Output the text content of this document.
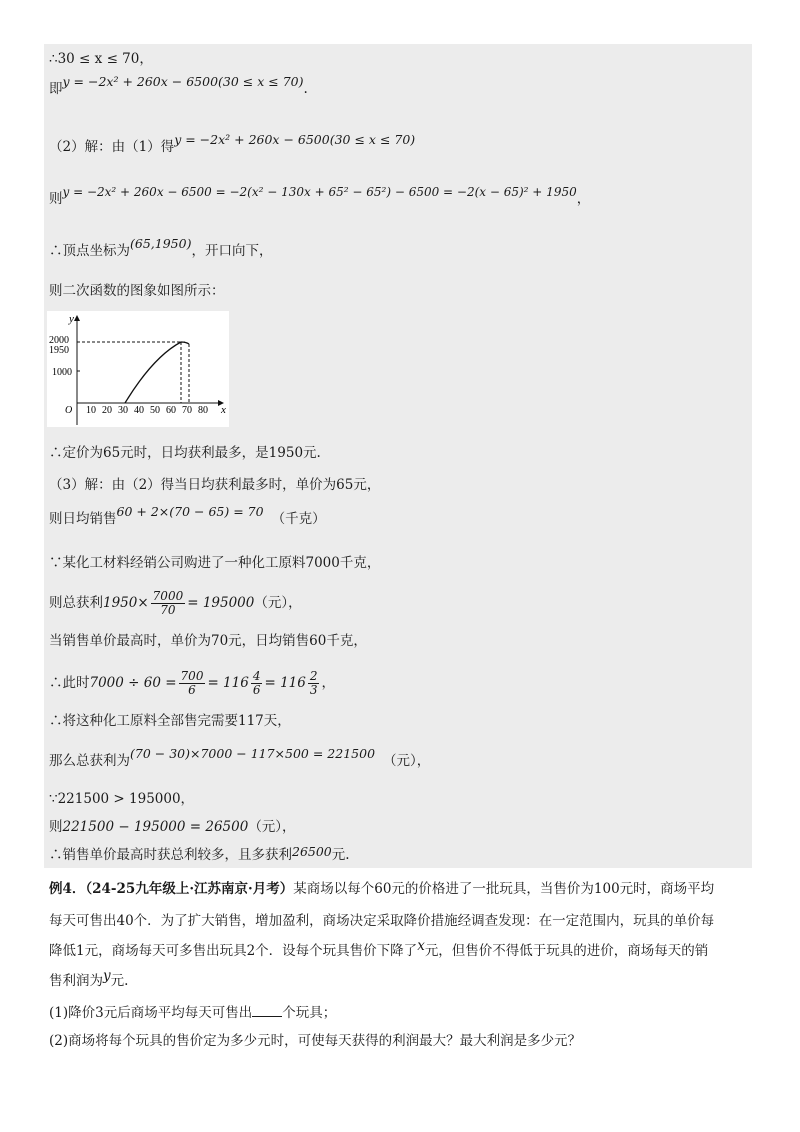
∴30 ≤ x ≤ 70，
即y = −2x² + 260x − 6500(30 ≤ x ≤ 70).
（2）解：由（1）得y = −2x² + 260x − 6500(30 ≤ x ≤ 70)
则y = −2x² + 260x − 6500 = −2(x² − 130x + 65² − 65²) − 6500 = −2(x − 65)² + 1950，
∴顶点坐标为(65,1950)，开口向下，
则二次函数的图象如图所示：
y
x
O
2000
1950
1000
10 20 30 40 50 60 70 80
∴定价为65元时，日均获利最多，是1950元.
（3）解：由（2）得当日均获利最多时，单价为65元，
则日均销售60 + 2×(70 − 65) = 70 （千克）
∵某化工材料经销公司购进了一种化工原料7000千克，
则总获利$1950\times \frac{7000}{70} = 195000$（元），
当销售单价最高时，单价为70元，日均销售60千克，
∴此时$7000 \div 60 = \frac{700}{6} = 116 \frac{4}{6} = 116 \frac{2}{3}$ ，
∴将这种化工原料全部售完需要117天，
那么总获利为(70 − 30)×7000 − 117×500 = 221500 （元），
∵221500 > 195000，
则221500 − 195000 = 26500（元），
∴销售单价最高时获总利较多，且多获利26500元.
例4．（24-25九年级上·江苏南京·月考）某商场以每个60元的价格进了一批玩具，当售价为100元时，商场平均
每天可售出40个．为了扩大销售，增加盈利，商场决定采取降价措施经调查发现：在一定范围内，玩具的单价每
降低1元，商场每天可多售出玩具2个．设每个玩具售价下降了x元，但售价不得低于玩具的进价，商场每天的销
售利润为y元.
(1)降价3元后商场平均每天可售出 个玩具；
(2)商场将每个玩具的售价定为多少元时，可使每天获得的利润最大？最大利润是多少元？
